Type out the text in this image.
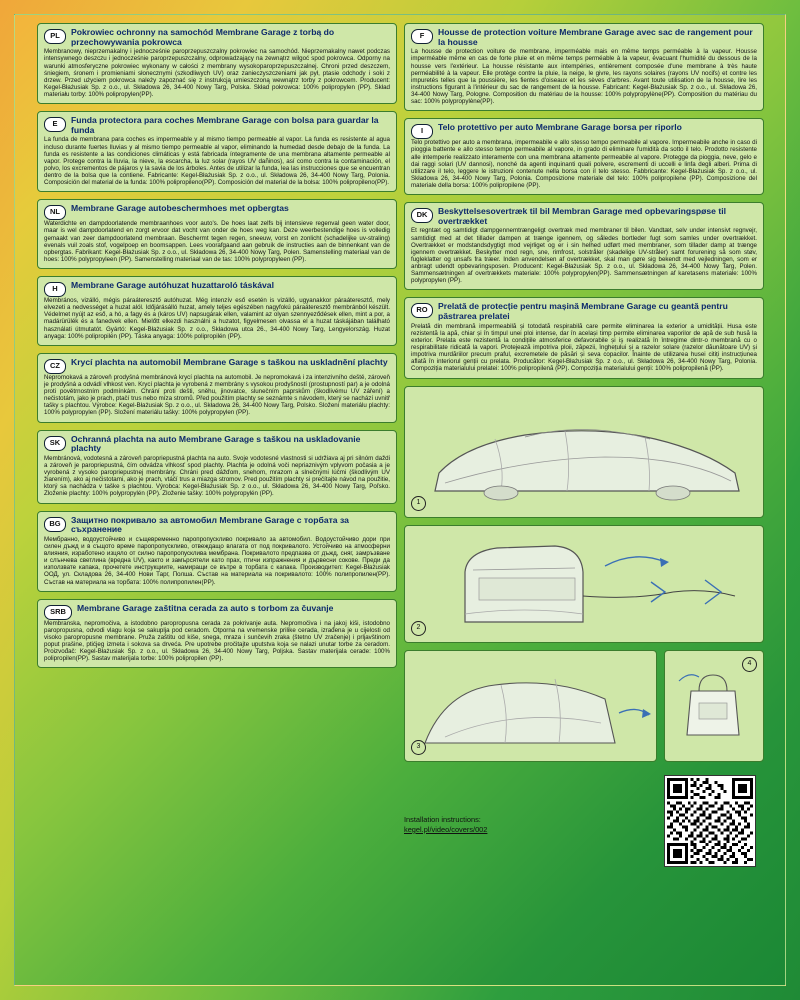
PL	Pokrowiec ochronny na samochód Membrane Garage z torbą do przechowywania pokrowca
Membranowy, nieprzemakalny i jednocześnie paroprzepuszczalny pokrowiec na samochód. Nieprzemakalny nawet podczas intensywnego deszczu i jednocześnie paroprzepuszczalny, odprowadzający na zewnątrz wilgoć spod pokrowca. Odporny na warunki atmosferyczne pokrowiec wykonany w całości z membrany wysokoparoprzepuszczalnej. Chroni przed deszczem, śniegiem, śronem i promieniami słonecznymi (szkodliwych UV) oraz zanieczyszczeniami jak pył, ptasie odchody i soki z drzew. Przed użyciem pokrowca należy zapoznać się z instrukcją umieszczoną wewnątrz torby z pokrowcem. Producent: Kegel-Błażusiak Sp. z o.o., ul. Składowa 26, 34-400 Nowy Targ, Polska. Skład pokrowca: 100% polipropylen (PP). Skład materiału torby: 100% polipropylen(PP).
E	Funda protectora para coches Membrane Garage con bolsa para guardar la funda
La funda de membrana para coches es impermeable y al mismo tiempo permeable al vapor. La funda es resistente al agua incluso durante fuertes lluvias y al mismo tiempo permeable al vapor, eliminando la humedad desde debajo de la funda. La funda es resistente a las condiciones climáticas y está fabricada íntegramente de una membrana altamente permeable al vapor. Protege contra la lluvia, la nieve, la escarcha, la luz solar (rayos UV dañinos), así como contra la contaminación, el polvo, los excrementos de pájaros y la savia de los árboles. Antes de utilizar la funda, lea las instrucciones que se encuentran dentro de la bolsa que la contiene. Fabricante: Kegel-Błażusiak Sp. z o.o., ul. Składowa 26, 34-400 Nowy Targ, Polonia. Composición del material de la funda: 100% polipropileno(PP). Composición del material de la bolsa: 100% polipropileno(PP).
NL	Membrane Garage autobeschermhoes met opbergtas
Waterdichte en dampdoorlatende membraanhoes voor auto's. De hoes laat zelfs bij intensieve regenval geen water door, maar is wel dampdoorlatend en zorgt ervoor dat vocht van onder de hoes weg kan. Deze weerbestendige hoes is volledig gemaakt van zeer dampdoorlatend membraan. Beschermt tegen regen, sneeuw, vorst en zonlicht (schadelijke uv-straling) evenals vuil zoals stof, vogelpoep en boomsappen. Lees voorafgaand aan gebruik de instructies aan de binnenkant van de opbergtas. Fabrikant: Kegel-Błażusiak Sp. z o.o., ul. Składowa 26, 34-400 Nowy Targ, Polen. Samenstelling materiaal van de hoes: 100% polypropyleen (PP). Samenstelling materiaal van de tas: 100% polypropyleen (PP).
H	Membrane Garage autóhuzat huzattaroló táskával
Membrános, vizálló, mégis páraáteresztő autóhuzat. Még intenzív eső esetén is vizálló, ugyanakkor páraáteresztő, mely elvezeti a nedvességet a huzat alól. Időjárásálló huzat, amely teljes egészében nagyfokú páraáteresztő membránból készült. Védelmet nyújt az eső, a hó, a fagy és a (káros UV) napsugárak ellen, valamint az olyan szennyeződések ellen, mint a por, a madárürülék és a fanedvek ellen. Mielőtt elkezdi használni a huzatot, figyelmesen olvassa el a huzat táskájában található használati útmutatót. Gyártó: Kegel-Błażusiak Sp. z o.o., Składowa utca 26., 34-400 Nowy Targ, Lengyelország. Huzat anyaga: 100% polipropilén (PP). Táska anyaga: 100% polipropilén (PP).
CZ	Krycí plachta na automobil Membrane Garage s taškou na uskladnění plachty
Nepromokavá a zároveň prodyšná membránová krycí plachta na automobil. Je nepromokavá i za intenzivního deště, zároveň je prodyšná a odvádí vlhkost ven. Krycí plachta je vyrobená z membrány s vysokou prodyšností (prostupností par) a je odolná proti povětrnostním podmínkám. Chrání proti dešti, sněhu, jinovatce, slunečním paprskům (škodlivému UV záření) a nečistotám, jako je prach, ptačí trus nebo míza stromů. Před použitím plachty se seznámte s návodem, který se nachází uvnitř tašky s plachtou. Výrobce: Kegel-Błażusiak Sp. z o.o., ul. Składowa 26, 34-400 Nowy Targ, Polsko. Složení materiálu plachty: 100% polypropylen (PP). Složení materiálu tašky: 100% polypropylen (PP).
SK	Ochranná plachta na auto Membrane Garage s taškou na uskladovanie plachty
Membránová, vodotesná a zároveň paropriepustná plachta na auto. Svoje vodotesné vlastnosti si udržiava aj pri silnóm daždi a zároveň je paropriepustná, čím odvádza vlhkosť spod plachty. Plachta je odolná voči nepriaznivým vplyvom počasia a je vyrobená z vysoko paropriepustnej membrány. Chráni pred dážďom, snehom, mrazom a slnečnými lúčmi (škodlivým UV žiarením), ako aj nečistotami, ako je prach, vtáčí trus a miazga stromov. Pred použitím plachty si prečítajte návod na použitie, ktorý sa nachádza v taške s plachtou. Výrobca: Kegel-Błażusiak Sp. z o.o., ul. Składowa 26, 34-400 Nowy Targ, Poľsko. Zloženie plachty: 100% polypropylén (PP). Zloženie tašky: 100% polypropylén (PP).
BG	Защитно покривало за автомобил Membrane Garage с торбата за съхранение
Мембранно, водоустойчиво и същевременно паропропускливо покривало за автомобил. Водоустойчиво дори при силен дъжд и в същото време паропропускливо, отвеждащо влагата от под покривалото. Устойчиво на атмосферни влияния, изработено изцяло от силно паропропусклива мембрана. Покривалото предпазва от дъжд, сняг, замръзване и слънчева светлина (вредна UV), както и замърсятели като прах, птичи изпражнения и дървесни сокове. Преди да използвате капака, прочетете инструкциите, намиращи се вътре в торбата с капака. Производител: Kegel-Błażusiak ООД, ул. Складова 26, 34-400 Нови Тарг, Полша. Състав на материала на покривалото: 100% полипропилен(PP). Състав на материала на торбата: 100% полипропилен(PP).
SRB	Membrane Garage zaštitna cerada za auto s torbom za čuvanje
Membranska, nepromočiva, a istodobno paropropusna cerada za pokrivanje auta. Nepromočiva i na jakoj kiši, istodobno paropropusna, odvodi vlagu koja se sakuplja pod ceradom. Otporna na vremenske prilike cerada, izrađena je u cijelosti od visoko paropropusne membrane. Pruža zaštitu od kiše, snega, mraza i sunčevih zraka (štetno UV zračenje) i prljavštinom poput prašine, ptićjeg izmeta i sokova sa drveća. Pre upotrebe pročitajte uputstva koja se nalazi unutar torbe za ceradom. Proizvođač: Kegel-Błażusiak Sp. z o.o., ul. Składowa 26, 34-400 Nowy Targ, Poljska. Sastav materijala cerade: 100% polipropilen(PP). Sastav materijala torbe: 100% polipropilen (PP).
F	Housse de protection voiture Membrane Garage avec sac de rangement pour la housse
La housse de protection voiture de membrane, imperméable mais en même temps perméable à la vapeur. Housse imperméable même en cas de forte pluie et en même temps perméable à la vapeur, évacuant l'humidité du dessous de la housse vers l'extérieur. La housse résistante aux intempéries, entièrement composée d'une membrane à très haute perméabilité à la vapeur. Elle protège contre la pluie, la neige, le givre, les rayons solaires (rayons UV nocifs) et contre les impuretés telles que la poussière, les fientes d'oiseaux et les sèves d'arbres. Avant toute utilisation de la housse, lire les instructions figurant à l'intérieur du sac de rangement de la housse. Fabricant: Kegel-Błażusiak Sp. z o.o., ul. Składowa 26, 34-400 Nowy Targ, Pologne. Composition du matériau de la housse: 100% polypropylène(PP). Composition du matériau du sac: 100% polypropylène(PP).
I	Telo protettivo per auto Membrane Garage borsa per riporlo
Telo protettivo per auto a membrana, impermeabile e allo stesso tempo permeabile al vapore. Impermeabile anche in caso di pioggia battente e allo stesso tempo permeabile al vapore, in grado di eliminare l'umidità da sotto il telo. Prodotto resistente alle intemperie realizzato interamente con una membrana altamente permeabile al vapore. Protegge da pioggia, neve, gelo e dai raggi solari (UV dannosi), nonché da agenti inquinanti quali polvere, escrementi di uccelli e linfa degli alberi. Prima di utilizzare il telo, leggere le istruzioni contenute nella borsa con il telo stesso. Fabbricante: Kegel-Błażusiak Sp. z o.o., ul. Składowa 26, 34-400 Nowy Targ, Polonia. Composizione materiale del telo: 100% polipropilene (PP). Composizione del materiale della borsa: 100% polipropilene (PP).
DK	Beskyttelsesovertræk til bil Membran Garage med opbevaringspøse til overtrækket
Et regntæt og samtidigt dampgennemtrængeligt overtræk med membraner til bilen. Vandtæt, selv under intensivt regnvejr, samtidigt med at det tillader dampen at trænge igennem, og således bortleder fugt som samles under overtrækket. Overtrækket er modstandsdygtigt mod vejrliget og er i sin helhed udført med membraner, som tillader damp at trænge igennem overtrækket. Beskytter mod regn, sne, rimfrost, solstråler (skadelige UV-stråler) samt forurening så som støv, fugleklatter og unsafs fra træer. Inden anvendelsen af overtrækket, skal man gøre sig bekendt med vejledningen, som er anbragt udendt opbevaringsposen. Producent: Kegel-Błażusiak Sp. z o.o., ul. Składowa 26, 34-400 Nowy Targ, Polen. Sammensætningen af overtrækkets materiale: 100% polypropylen(PP). Sammensætningen af karetasens materiale: 100% polypropylen (PP).
RO	Prelată de protecție pentru mașină Membrane Garage cu geantă pentru păstrarea prelatei
Prelată din membrană impermeabilă și totodată respirabilă care permite eliminarea la exterior a umidității. Husa este rezistentă la apă, chiar și în timpul unei ploi intense, dar în același timp permite eliminarea vaporilor de apă de sub husă la exterior. Prelata este rezistentă la condițiile atmosferice defavorabile și iş realizată în întregime dintr-o membrană cu o respirabilitate ridicată la vapori. Protejează impotriva ploii, zăpezii, înghețului și a razelor solare (razelor dăunătoare UV) și impotriva murdăriilor precum praful, excremetele de păsări și seva copacilor. Înainte de utilizarea husei citiți instrucțiunea aflată în interiorul genții cu prelata. Producător: Kegel-Błażusiak Sp. z o.o., ul. Składowa 26, 34-400 Nowy Targ, Polonia. Compoziția materialului prelatei: 100% polipropilenă (PP). Compoziția materialului genții: 100% polipropilenă (PP).
1
2
3
4
Installation instructions:
kegel.pl/video/covers/002
